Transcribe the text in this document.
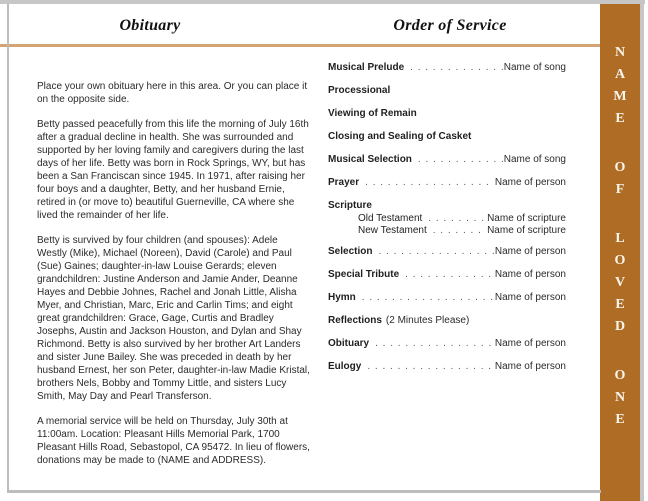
Obituary	Order of Service

Place your own obituary here in this area. Or you can place it on the opposite side.

Betty passed peacefully from this life the morning of July 16th after a gradual decline in health. She was surrounded and supported by her loving family and caregivers during the last days of her life. Betty was born in Rock Springs, WY, but has been a San Franciscan since 1945. In 1971, after raising her four boys and a daughter, Betty, and her husband Ernie, retired in (or move to) beautiful Guerneville, CA where she lived the remainder of her life.

Betty is survived by four children (and spouses): Adele Westly (Mike), Michael (Noreen), David (Carole) and Paul (Sue) Gaines; daughter-in-law Louise Gerards; eleven grandchildren: Justine Anderson and Jamie Ander, Deanne Hayes and Debbie Johnes, Rachel and Jonah Little, Alisha Myer, and Christian, Marc, Eric and Carlin Tims; and eight great grandchildren: Grace, Gage, Curtis and Bradley Josephs, Austin and Jackson Houston, and Dylan and Shay Richmond. Betty is also survived by her brother Art Landers and sister June Bailey. She was preceded in death by her husband Ernest, her son Peter, daughter-in-law Madie Kristal, brothers Nels, Bobby and Tommy Little, and sisters Lucy Smith, May Day and Pearl Transferson.

A memorial service will be held on Thursday, July 30th at 11:00am. Location: Pleasant Hills Memorial Park, 1700 Pleasant Hills Road, Sebastopol, CA 95472. In lieu of flowers, donations may be made to (NAME and ADDRESS).

Musical Prelude . . .	Name of song
Processional
Viewing of Remain
Closing and Sealing of Casket
Musical Selection . . .	Name of song
Prayer . . .	Name of person
Scripture
Old Testament . . .	Name of scripture
New Testament . . .	Name of scripture
Selection . . .	Name of person
Special Tribute . . .	Name of person
Hymn . . .	Name of person
Reflections (2 Minutes Please)
Obituary . . .	Name of person
Eulogy . . .	Name of person
N
A
M
E
O
F
L
O
V
E
D
O
N
E
